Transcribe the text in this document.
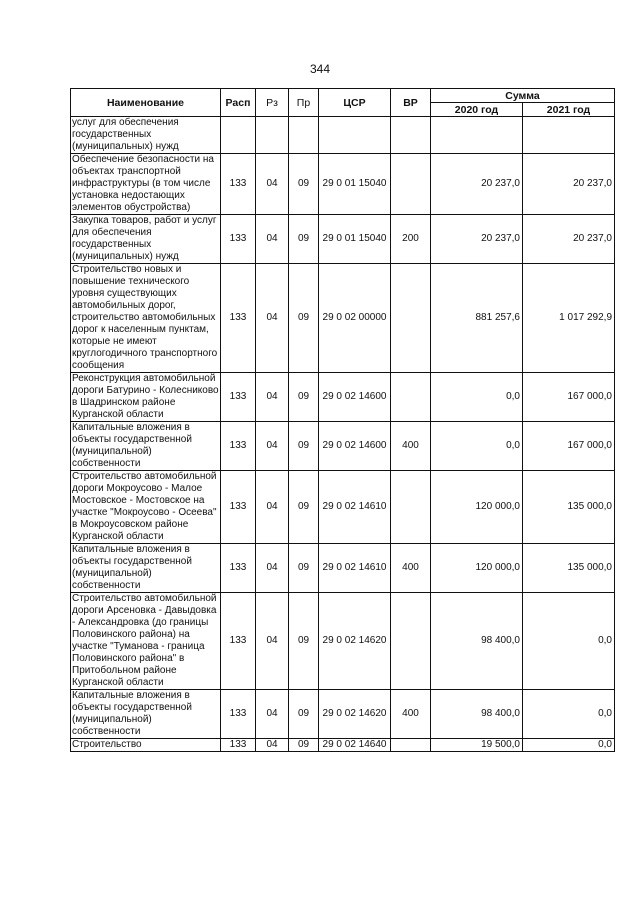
344
Наименование	Расп	Рз	Пр	ЦСР	ВР	Сумма	
						2020 год	2021 год
услуг для обеспечения государственных (муниципальных) нужд							
Обеспечение безопасности на объектах транспортной инфраструктуры (в том числе установка недостающих элементов обустройства)	133	04	09	29 0 01 15040		20 237,0	20 237,0
Закупка товаров, работ и услуг для обеспечения государственных (муниципальных) нужд	133	04	09	29 0 01 15040	200	20 237,0	20 237,0
Строительство новых и повышение технического уровня существующих автомобильных дорог, строительство автомобильных дорог к населенным пунктам, которые не имеют круглогодичного транспортного сообщения	133	04	09	29 0 02 00000		881 257,6	1 017 292,9
Реконструкция автомобильной дороги Батурино - Колесниково в Шадринском районе Курганской области	133	04	09	29 0 02 14600		0,0	167 000,0
Капитальные вложения в объекты государственной (муниципальной) собственности	133	04	09	29 0 02 14600	400	0,0	167 000,0
Строительство автомобильной дороги Мокроусово - Малое Мостовское - Мостовское на участке "Мокроусово - Осеева" в Мокроусовском районе Курганской области	133	04	09	29 0 02 14610		120 000,0	135 000,0
Капитальные вложения в объекты государственной (муниципальной) собственности	133	04	09	29 0 02 14610	400	120 000,0	135 000,0
Строительство автомобильной дороги Арсеновка - Давыдовка - Александровка (до границы Половинского района) на участке "Туманова - граница Половинского района" в Притобольном районе Курганской области	133	04	09	29 0 02 14620		98 400,0	0,0
Капитальные вложения в объекты государственной (муниципальной) собственности	133	04	09	29 0 02 14620	400	98 400,0	0,0
Строительство	133	04	09	29 0 02 14640		19 500,0	0,0
